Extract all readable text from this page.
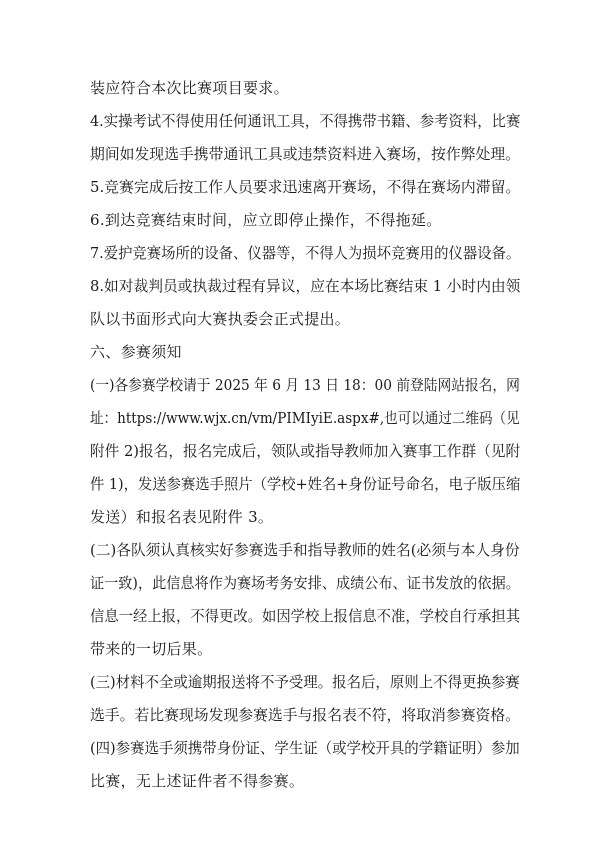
装应符合本次比赛项目要求。
4.实操考试不得使用任何通讯工具，不得携带书籍、参考资料，比赛
期间如发现选手携带通讯工具或违禁资料进入赛场，按作弊处理。
5.竞赛完成后按工作人员要求迅速离开赛场，不得在赛场内滞留。
6.到达竞赛结束时间，应立即停止操作，不得拖延。
7.爱护竞赛场所的设备、仪器等，不得人为损坏竞赛用的仪器设备。
8.如对裁判员或执裁过程有异议，应在本场比赛结束 1 小时内由领
队以书面形式向大赛执委会正式提出。
六、参赛须知
(一)各参赛学校请于 2025 年 6 月 13 日 18：00 前登陆网站报名，网
址：https://www.wjx.cn/vm/PIMIyiE.aspx#,也可以通过二维码（见
附件 2)报名，报名完成后，领队或指导教师加入赛事工作群（见附
件 1)，发送参赛选手照片（学校+姓名+身份证号命名，电子版压缩
发送）和报名表见附件 3。
(二)各队须认真核实好参赛选手和指导教师的姓名(必须与本人身份
证一致)，此信息将作为赛场考务安排、成绩公布、证书发放的依据。
信息一经上报，不得更改。如因学校上报信息不准，学校自行承担其
带来的一切后果。
(三)材料不全或逾期报送将不予受理。报名后，原则上不得更换参赛
选手。若比赛现场发现参赛选手与报名表不符，将取消参赛资格。
(四)参赛选手须携带身份证、学生证（或学校开具的学籍证明）参加
比赛，无上述证件者不得参赛。
